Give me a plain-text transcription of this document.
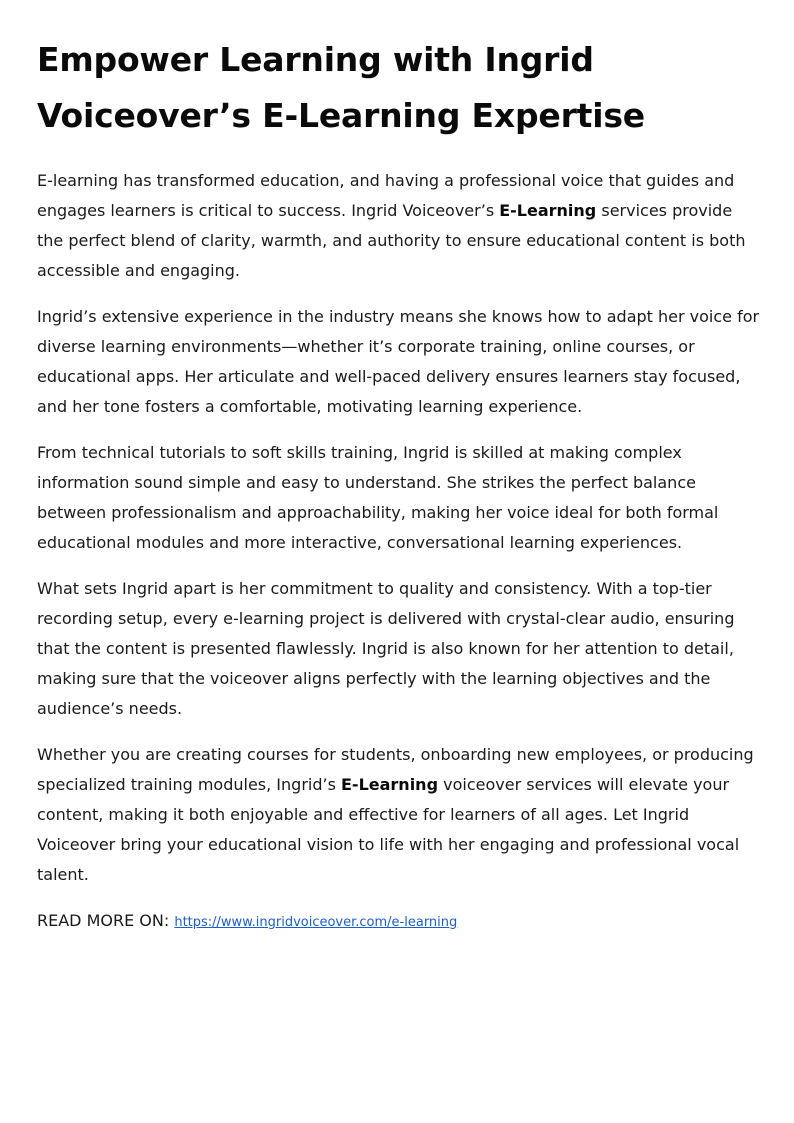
Empower Learning with Ingrid Voiceover’s E-Learning Expertise

E-learning has transformed education, and having a professional voice that guides and engages learners is critical to success. Ingrid Voiceover’s E-Learning services provide the perfect blend of clarity, warmth, and authority to ensure educational content is both accessible and engaging.

Ingrid’s extensive experience in the industry means she knows how to adapt her voice for diverse learning environments—whether it’s corporate training, online courses, or educational apps. Her articulate and well-paced delivery ensures learners stay focused, and her tone fosters a comfortable, motivating learning experience.

From technical tutorials to soft skills training, Ingrid is skilled at making complex information sound simple and easy to understand. She strikes the perfect balance between professionalism and approachability, making her voice ideal for both formal educational modules and more interactive, conversational learning experiences.

What sets Ingrid apart is her commitment to quality and consistency. With a top-tier recording setup, every e-learning project is delivered with crystal-clear audio, ensuring that the content is presented flawlessly. Ingrid is also known for her attention to detail, making sure that the voiceover aligns perfectly with the learning objectives and the audience’s needs.

Whether you are creating courses for students, onboarding new employees, or producing specialized training modules, Ingrid’s E-Learning voiceover services will elevate your content, making it both enjoyable and effective for learners of all ages. Let Ingrid Voiceover bring your educational vision to life with her engaging and professional vocal talent.

READ MORE ON: https://www.ingridvoiceover.com/e-learning
